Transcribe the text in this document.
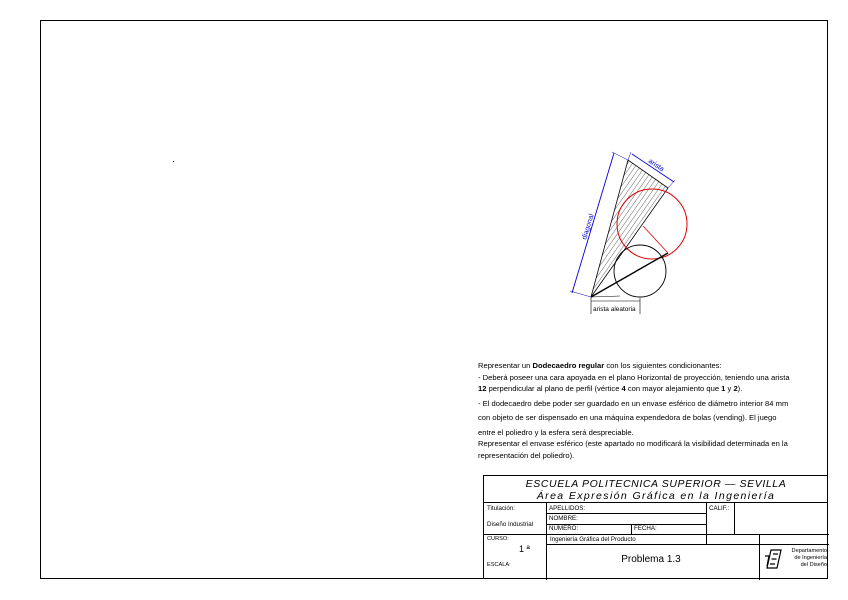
diagonal
arista
arista aleatoria

Representar un Dodecaedro regular con los siguientes condicionantes:

- Deberá poseer una cara apoyada en el plano Horizontal de proyección, teniendo una arista

12 perpendicular al plano de perfil (vértice 4 con mayor alejamiento que 1 y 2).

- El dodecaedro debe poder ser guardado en un envase esférico de diámetro interior 84 mm

con objeto de ser dispensado en una máquina expendedora de bolas (vending). El juego

entre el poliedro y la esfera será despreciable.

Representar el envase esférico (este apartado no modificará la visibilidad determinada en la

representación del poliedro).

ESCUELA POLITECNICA SUPERIOR — SEVILLA
Área Expresión Gráfica en la Ingeniería
Titulación:
Diseño Industrial
APELLIDOS:
NOMBRE:
NUMERO:	FECHA:
CALIF.:
CURSO:
1 ª
ESCALA:
Ingeniería Gráfica del Producto
Problema 1.3
Departamento
de Ingeniería
del Diseño
